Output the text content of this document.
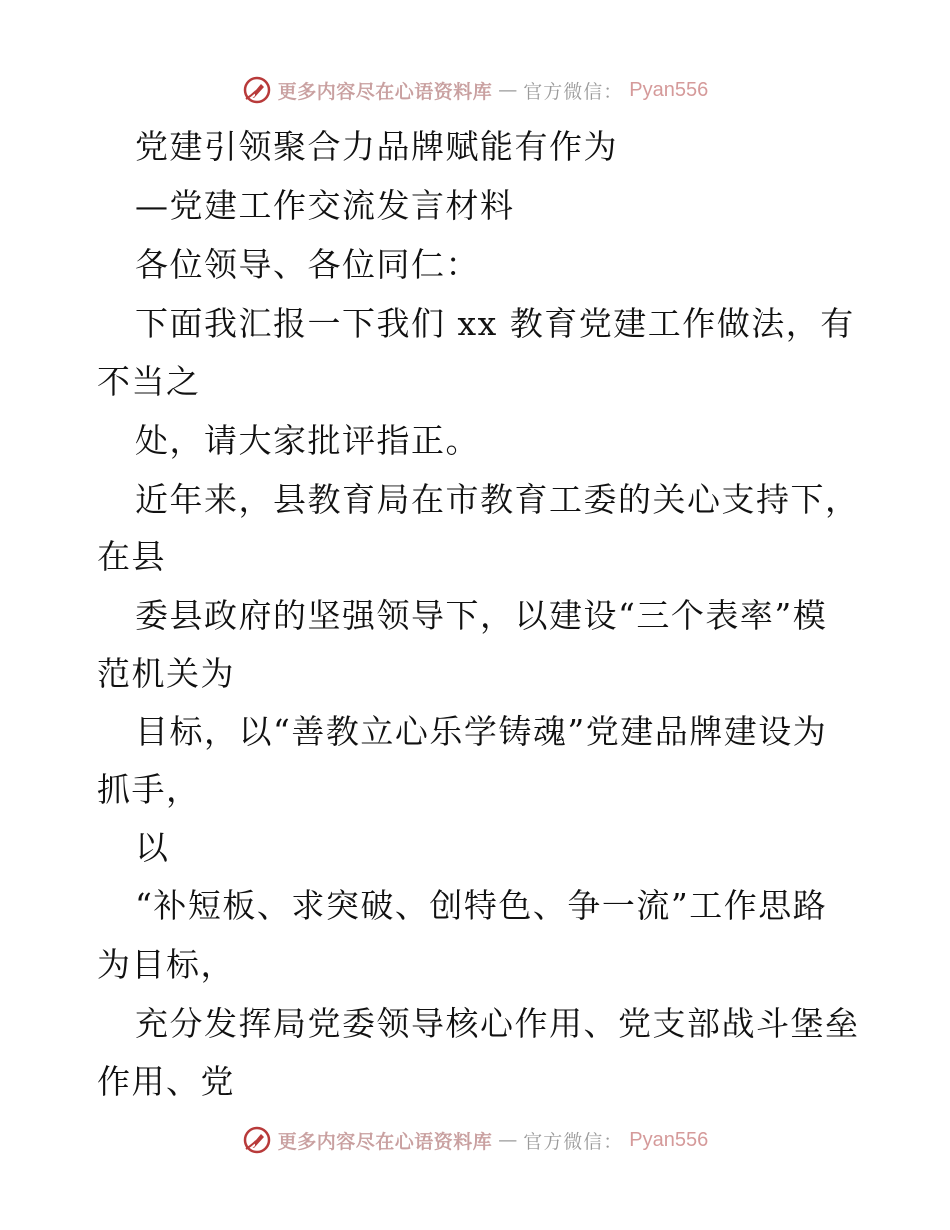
更多内容尽在心语资料库 — 官方微信： Pyan556
党建引领聚合力品牌赋能有作为
—党建工作交流发言材料
各位领导、各位同仁：
下面我汇报一下我们 xx 教育党建工作做法，有
不当之
处，请大家批评指正。
近年来，县教育局在市教育工委的关心支持下，
在县
委县政府的坚强领导下，以建设“三个表率”模
范机关为
目标，以“善教立心乐学铸魂”党建品牌建设为
抓手，
以
“补短板、求突破、创特色、争一流”工作思路
为目标，
充分发挥局党委领导核心作用、党支部战斗堡垒
作用、党
更多内容尽在心语资料库 — 官方微信： Pyan556
